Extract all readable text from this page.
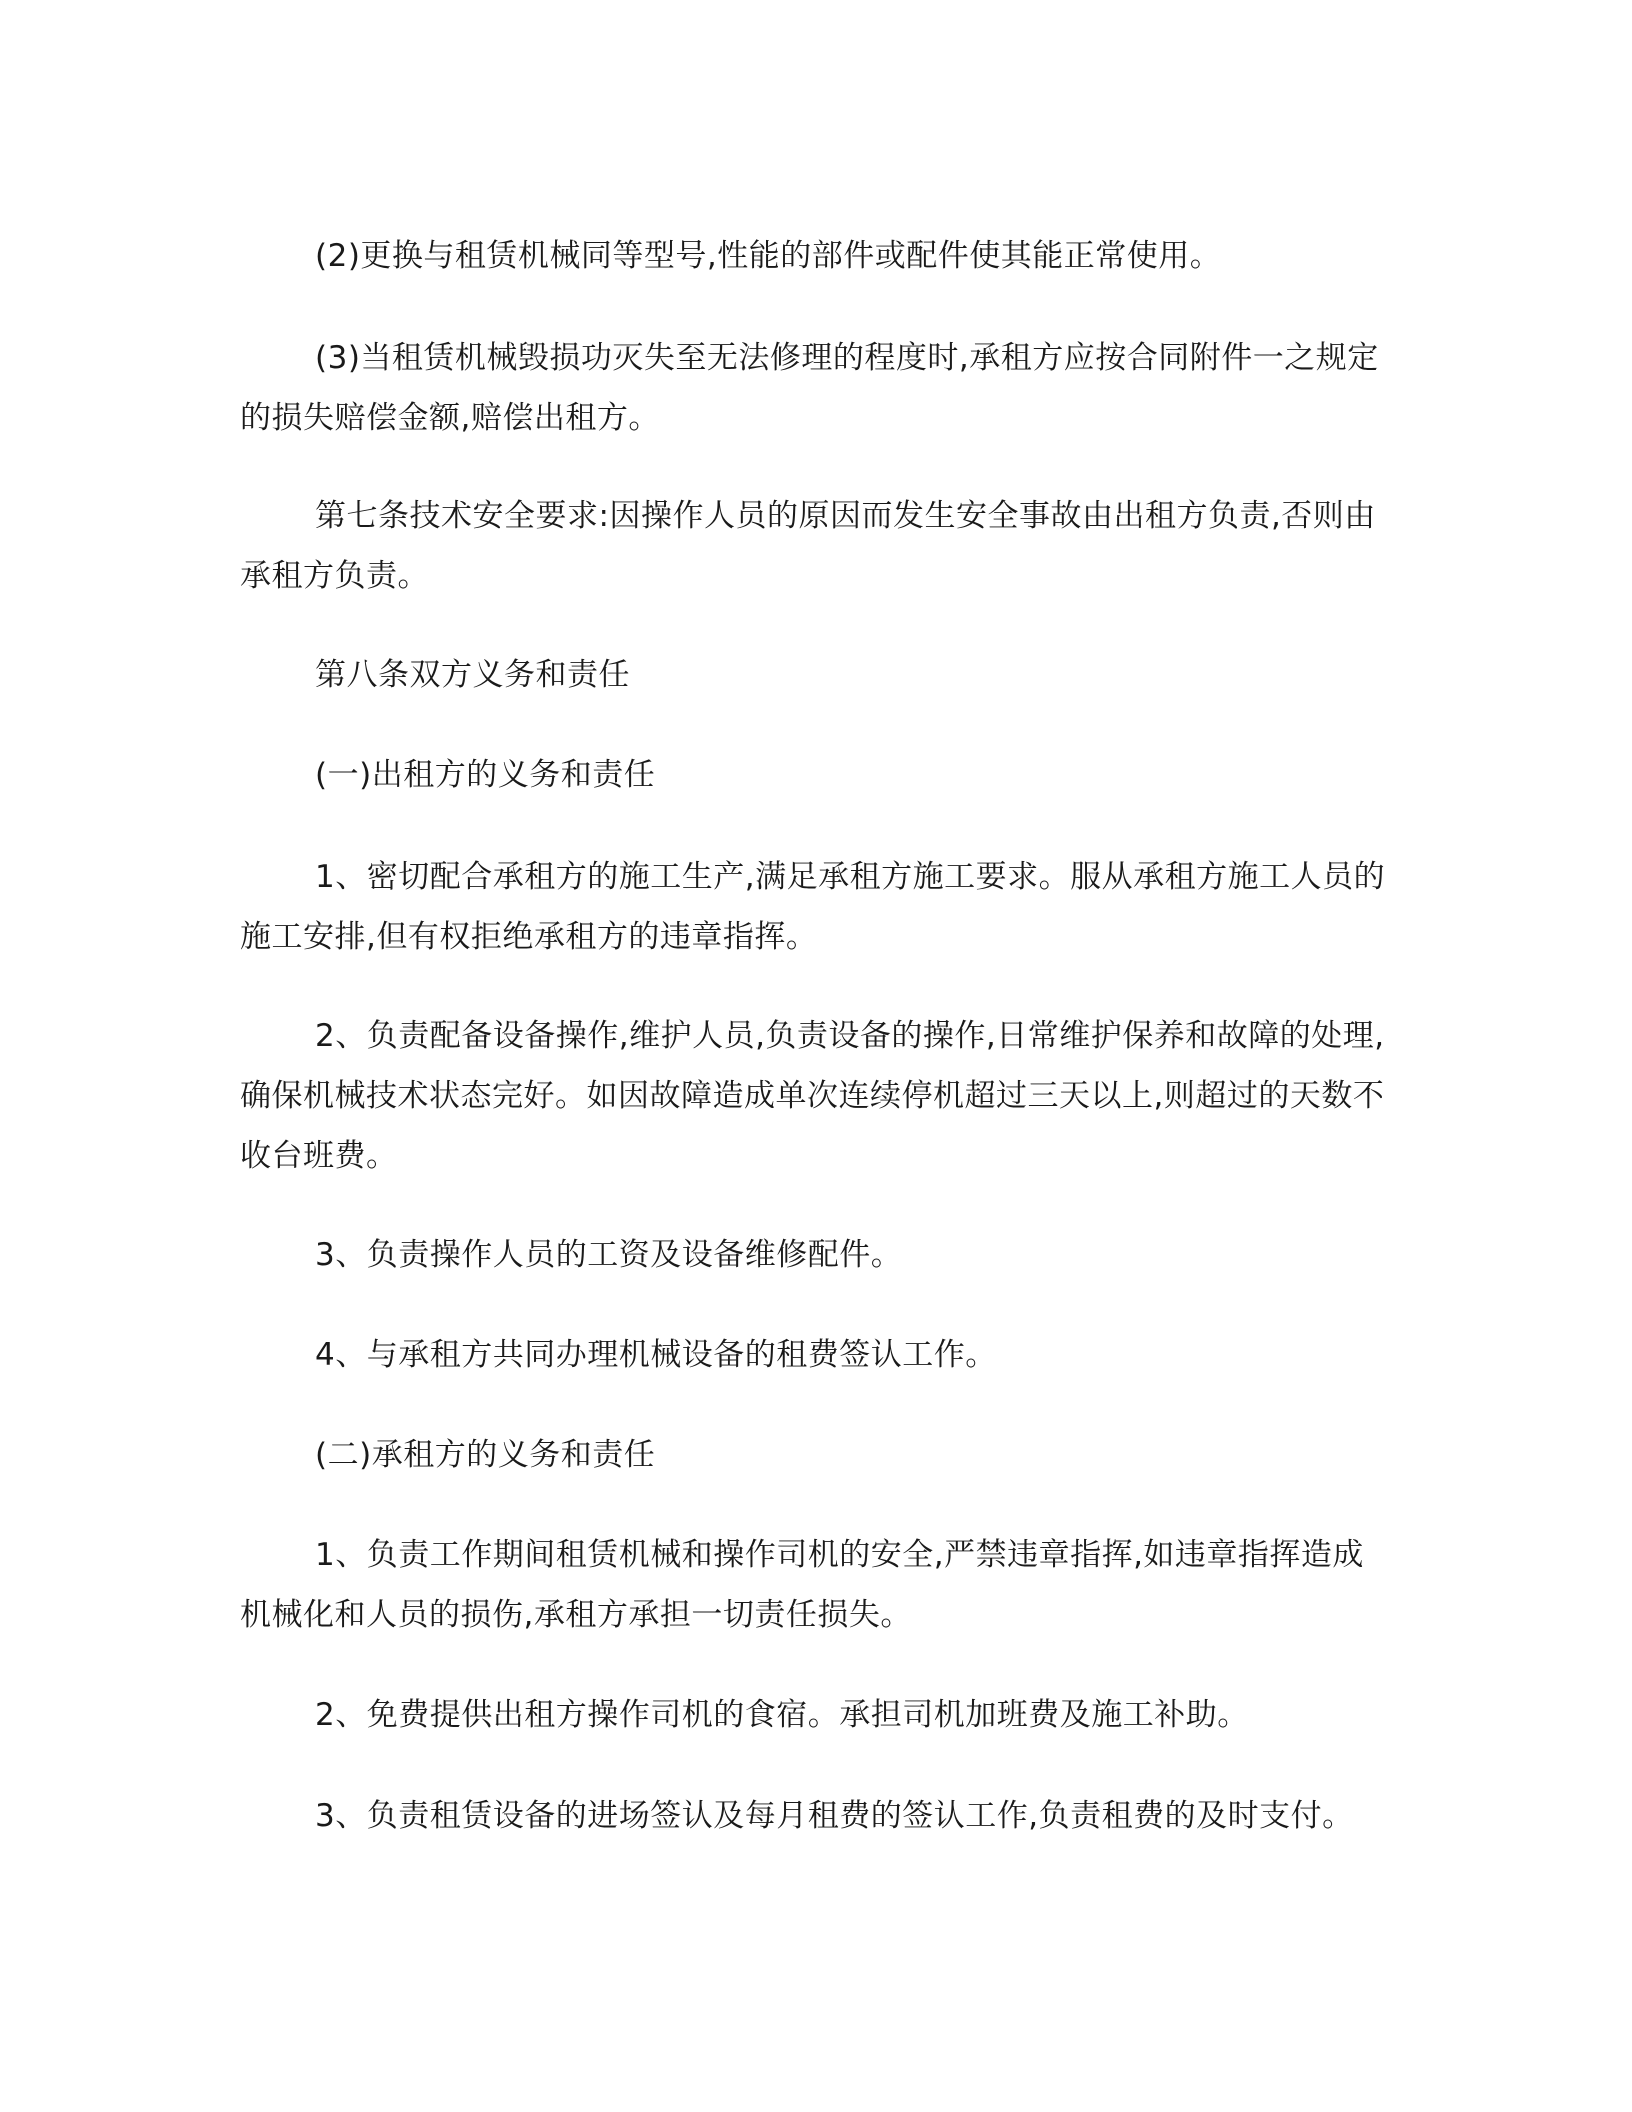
(2)更换与租赁机械同等型号,性能的部件或配件使其能正常使用。

(3)当租赁机械毁损功灭失至无法修理的程度时,承租方应按合同附件一之规定的损失赔偿金额,赔偿出租方。

第七条技术安全要求:因操作人员的原因而发生安全事故由出租方负责,否则由承租方负责。

第八条双方义务和责任

(一)出租方的义务和责任

1、密切配合承租方的施工生产,满足承租方施工要求。服从承租方施工人员的施工安排,但有权拒绝承租方的违章指挥。

2、负责配备设备操作,维护人员,负责设备的操作,日常维护保养和故障的处理,确保机械技术状态完好。如因故障造成单次连续停机超过三天以上,则超过的天数不收台班费。

3、负责操作人员的工资及设备维修配件。

4、与承租方共同办理机械设备的租费签认工作。

(二)承租方的义务和责任

1、负责工作期间租赁机械和操作司机的安全,严禁违章指挥,如违章指挥造成机械化和人员的损伤,承租方承担一切责任损失。

2、免费提供出租方操作司机的食宿。承担司机加班费及施工补助。

3、负责租赁设备的进场签认及每月租费的签认工作,负责租费的及时支付。
